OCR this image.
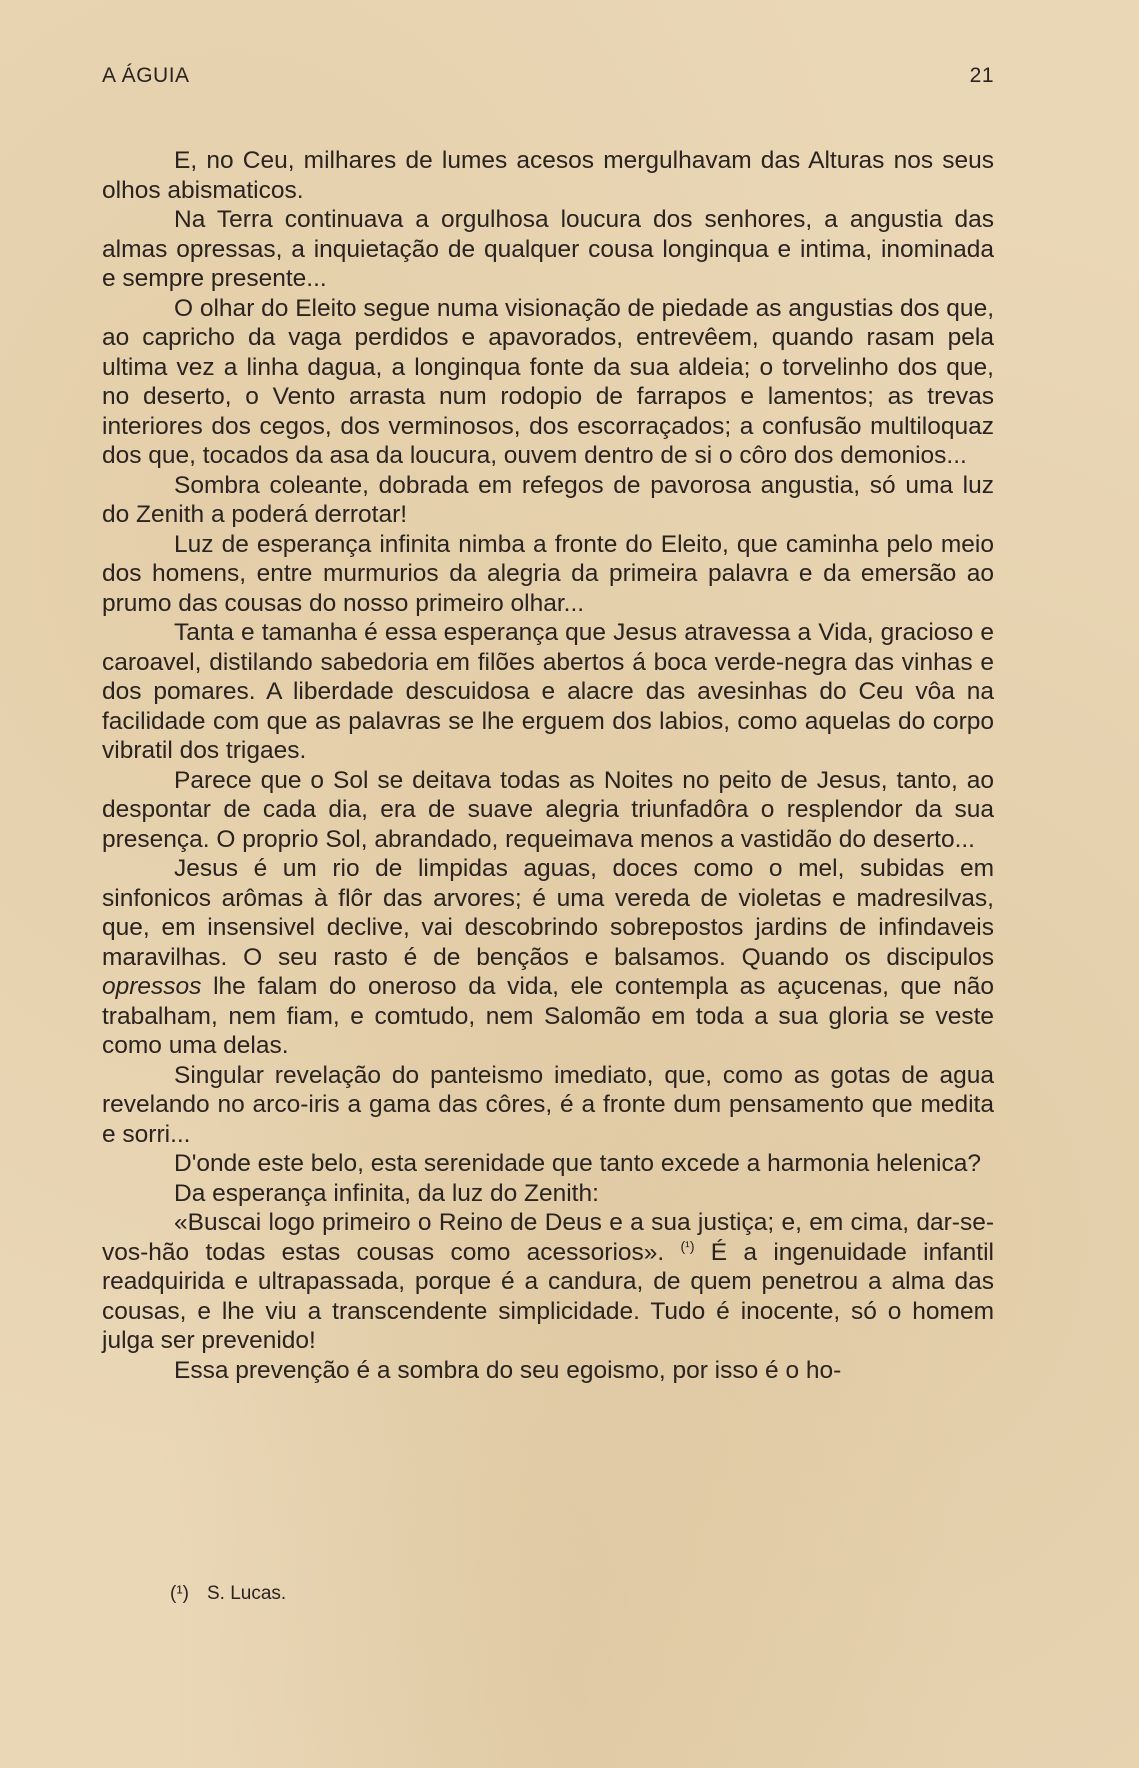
A ÁGUIA	21

E, no Ceu, milhares de lumes acesos mergulhavam das Alturas nos seus olhos abismaticos.

Na Terra continuava a orgulhosa loucura dos senhores, a angustia das almas opressas, a inquietação de qualquer cousa longinqua e intima, inominada e sempre presente...

O olhar do Eleito segue numa visionação de piedade as angustias dos que, ao capricho da vaga perdidos e apavorados, entrevêem, quando rasam pela ultima vez a linha dagua, a longinqua fonte da sua aldeia; o torvelinho dos que, no deserto, o Vento arrasta num rodopio de farrapos e lamentos; as trevas interiores dos cegos, dos verminosos, dos escorraçados; a confusão multiloquaz dos que, tocados da asa da loucura, ouvem dentro de si o côro dos demonios...

Sombra coleante, dobrada em refegos de pavorosa angustia, só uma luz do Zenith a poderá derrotar!

Luz de esperança infinita nimba a fronte do Eleito, que caminha pelo meio dos homens, entre murmurios da alegria da primeira palavra e da emersão ao prumo das cousas do nosso primeiro olhar...

Tanta e tamanha é essa esperança que Jesus atravessa a Vida, gracioso e caroavel, distilando sabedoria em filões abertos á boca verde-negra das vinhas e dos pomares. A liberdade descuidosa e alacre das avesinhas do Ceu vôa na facilidade com que as palavras se lhe erguem dos labios, como aquelas do corpo vibratil dos trigaes.

Parece que o Sol se deitava todas as Noites no peito de Jesus, tanto, ao despontar de cada dia, era de suave alegria triunfadôra o resplendor da sua presença. O proprio Sol, abrandado, requeimava menos a vastidão do deserto...

Jesus é um rio de limpidas aguas, doces como o mel, subidas em sinfonicos arômas à flôr das arvores; é uma vereda de violetas e madresilvas, que, em insensivel declive, vai descobrindo sobrepostos jardins de infindaveis maravilhas. O seu rasto é de bençãos e balsamos. Quando os discipulos opressos lhe falam do oneroso da vida, ele contempla as açucenas, que não trabalham, nem fiam, e comtudo, nem Salomão em toda a sua gloria se veste como uma delas.

Singular revelação do panteismo imediato, que, como as gotas de agua revelando no arco-iris a gama das côres, é a fronte dum pensamento que medita e sorri...

D'onde este belo, esta serenidade que tanto excede a harmonia helenica?

Da esperança infinita, da luz do Zenith:

«Buscai logo primeiro o Reino de Deus e a sua justiça; e, em cima, dar-se-vos-hão todas estas cousas como acessorios». $^{(^1)}$ É a ingenuidade infantil readquirida e ultrapassada, porque é a candura, de quem penetrou a alma das cousas, e lhe viu a transcendente simplicidade. Tudo é inocente, só o homem julga ser prevenido!

Essa prevenção é a sombra do seu egoismo, por isso é o ho-

(¹) S. Lucas.
